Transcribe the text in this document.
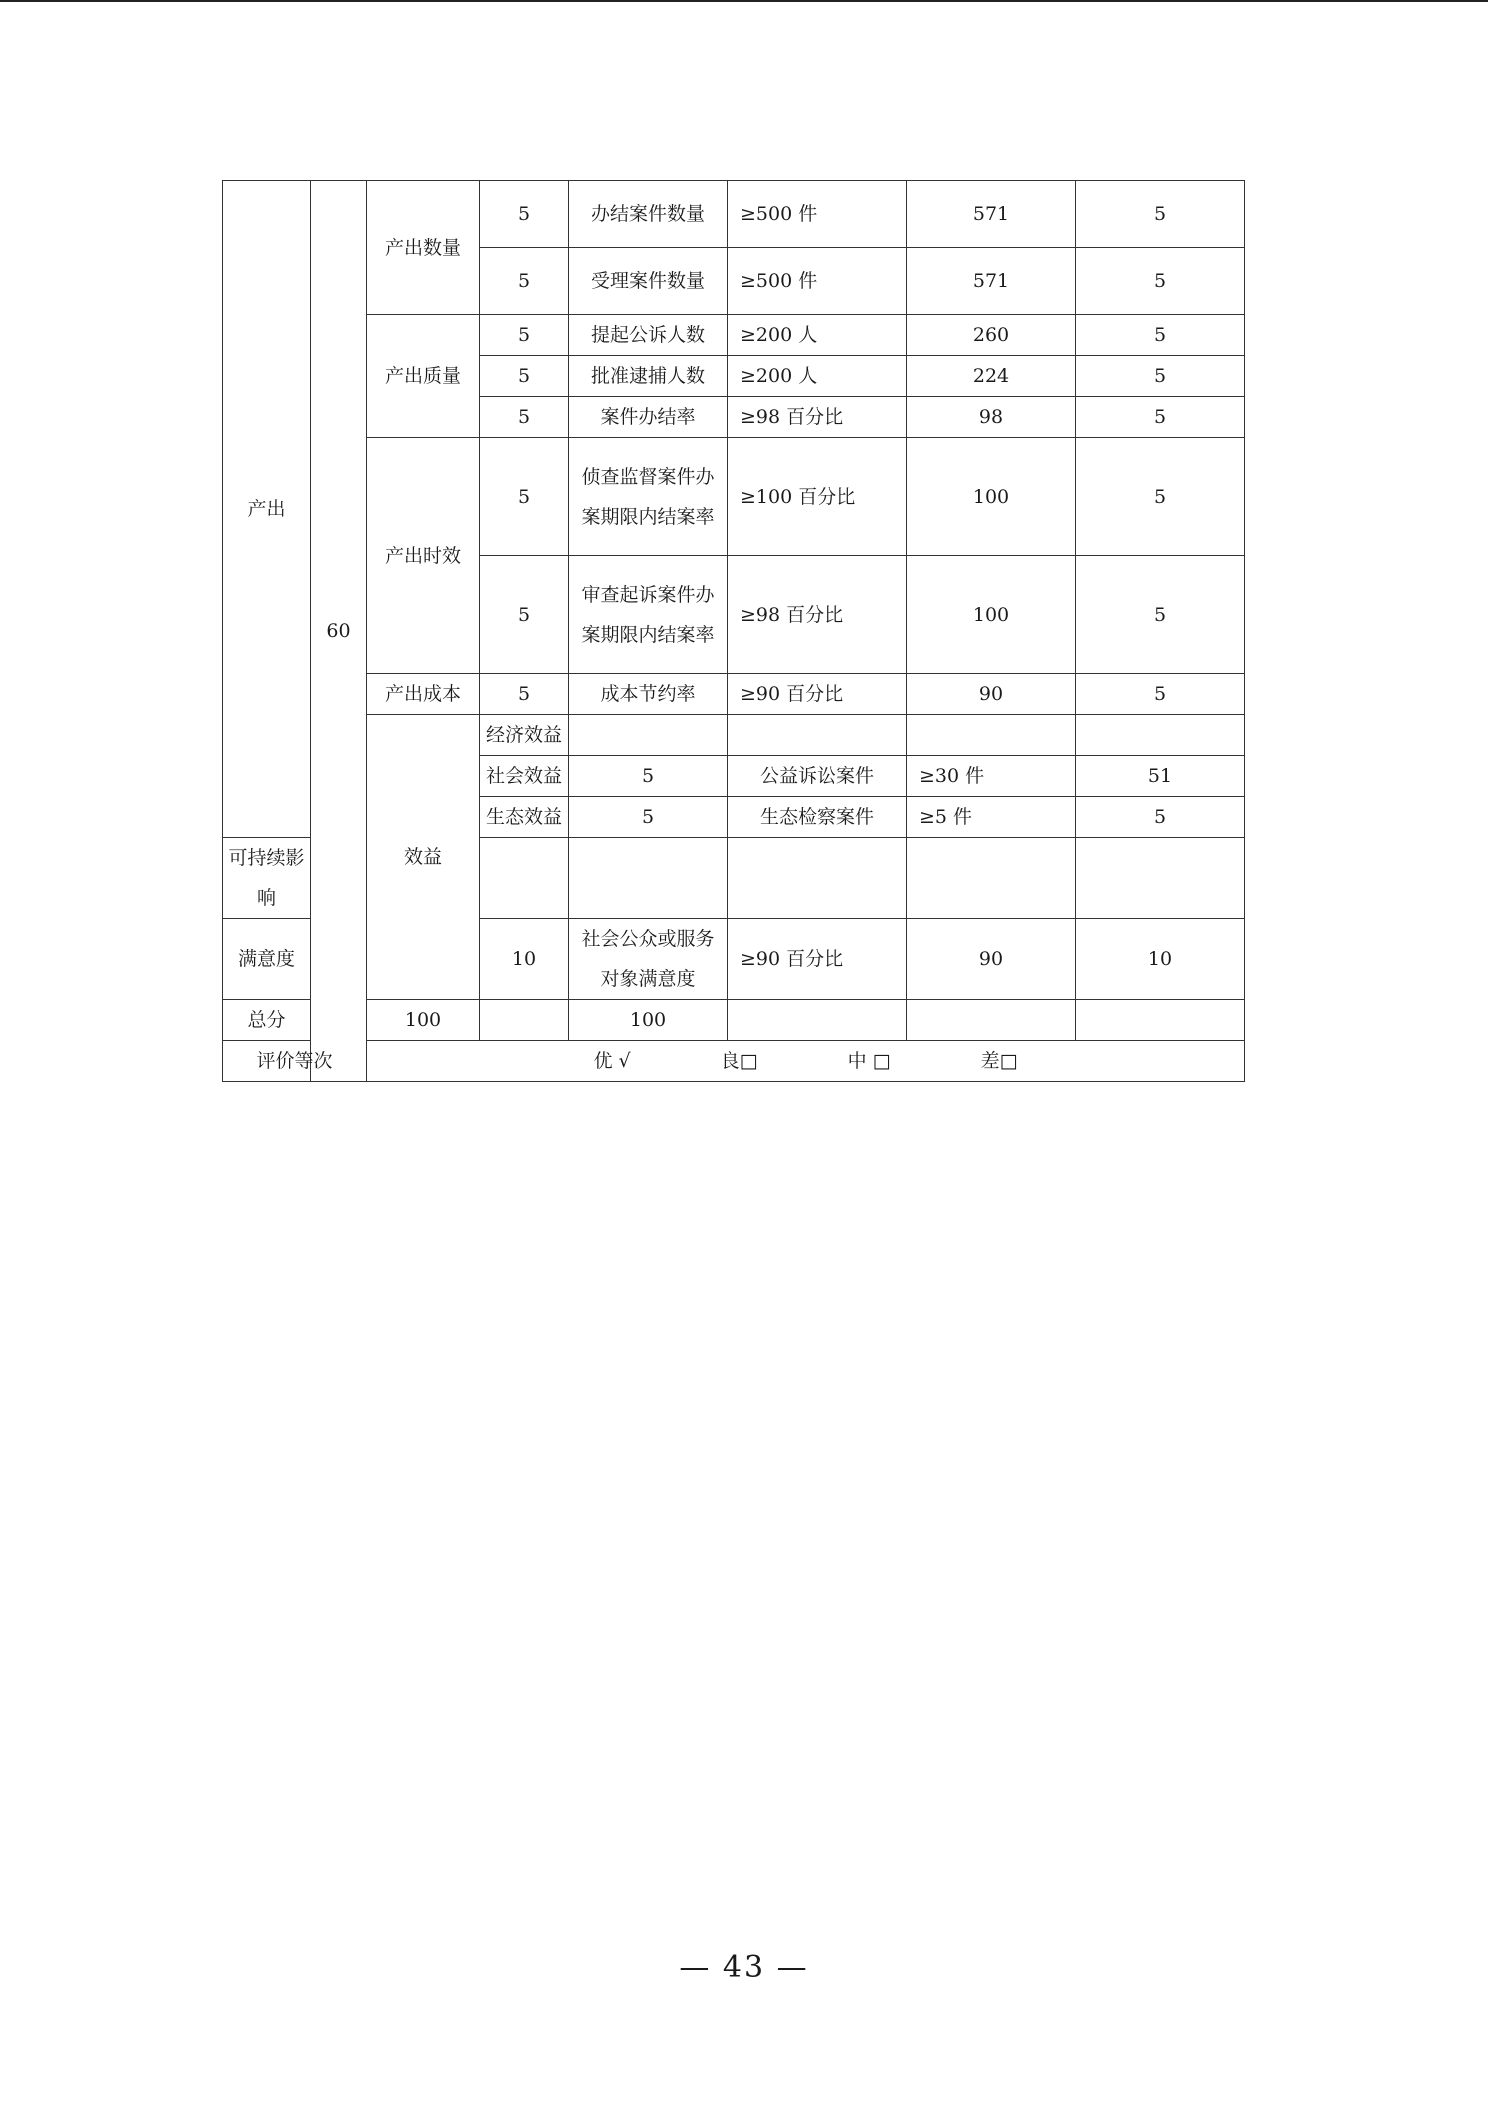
产出	60	产出数量	5	办结案件数量	≥500 件	571	5	
			5	受理案件数量	≥500 件	571	5	
		产出质量	5	提起公诉人数	≥200 人	260	5	
			5	批准逮捕人数	≥200 人	224	5	
			5	案件办结率	≥98 百分比	98	5	
		产出时效	5	侦查监督案件办案期限内结案率	≥100 百分比	100	5	

			5	审查起诉案件办案期限内结案率	≥98 百分比	100	5	

		产出成本	5	成本节约率	≥90 百分比	90	5	
		效益	经济效益					
			社会效益	5	公益诉讼案件	≥30 件	51	
			生态效益	5	生态检察案件	≥5 件	5	
可持续影响								

满意度			10	社会公众或服务对象满意度	≥90 百分比	90	10	

总分		100		100				
评价等次		优 √ 良□ 中 □ 差□						
— 43 —
